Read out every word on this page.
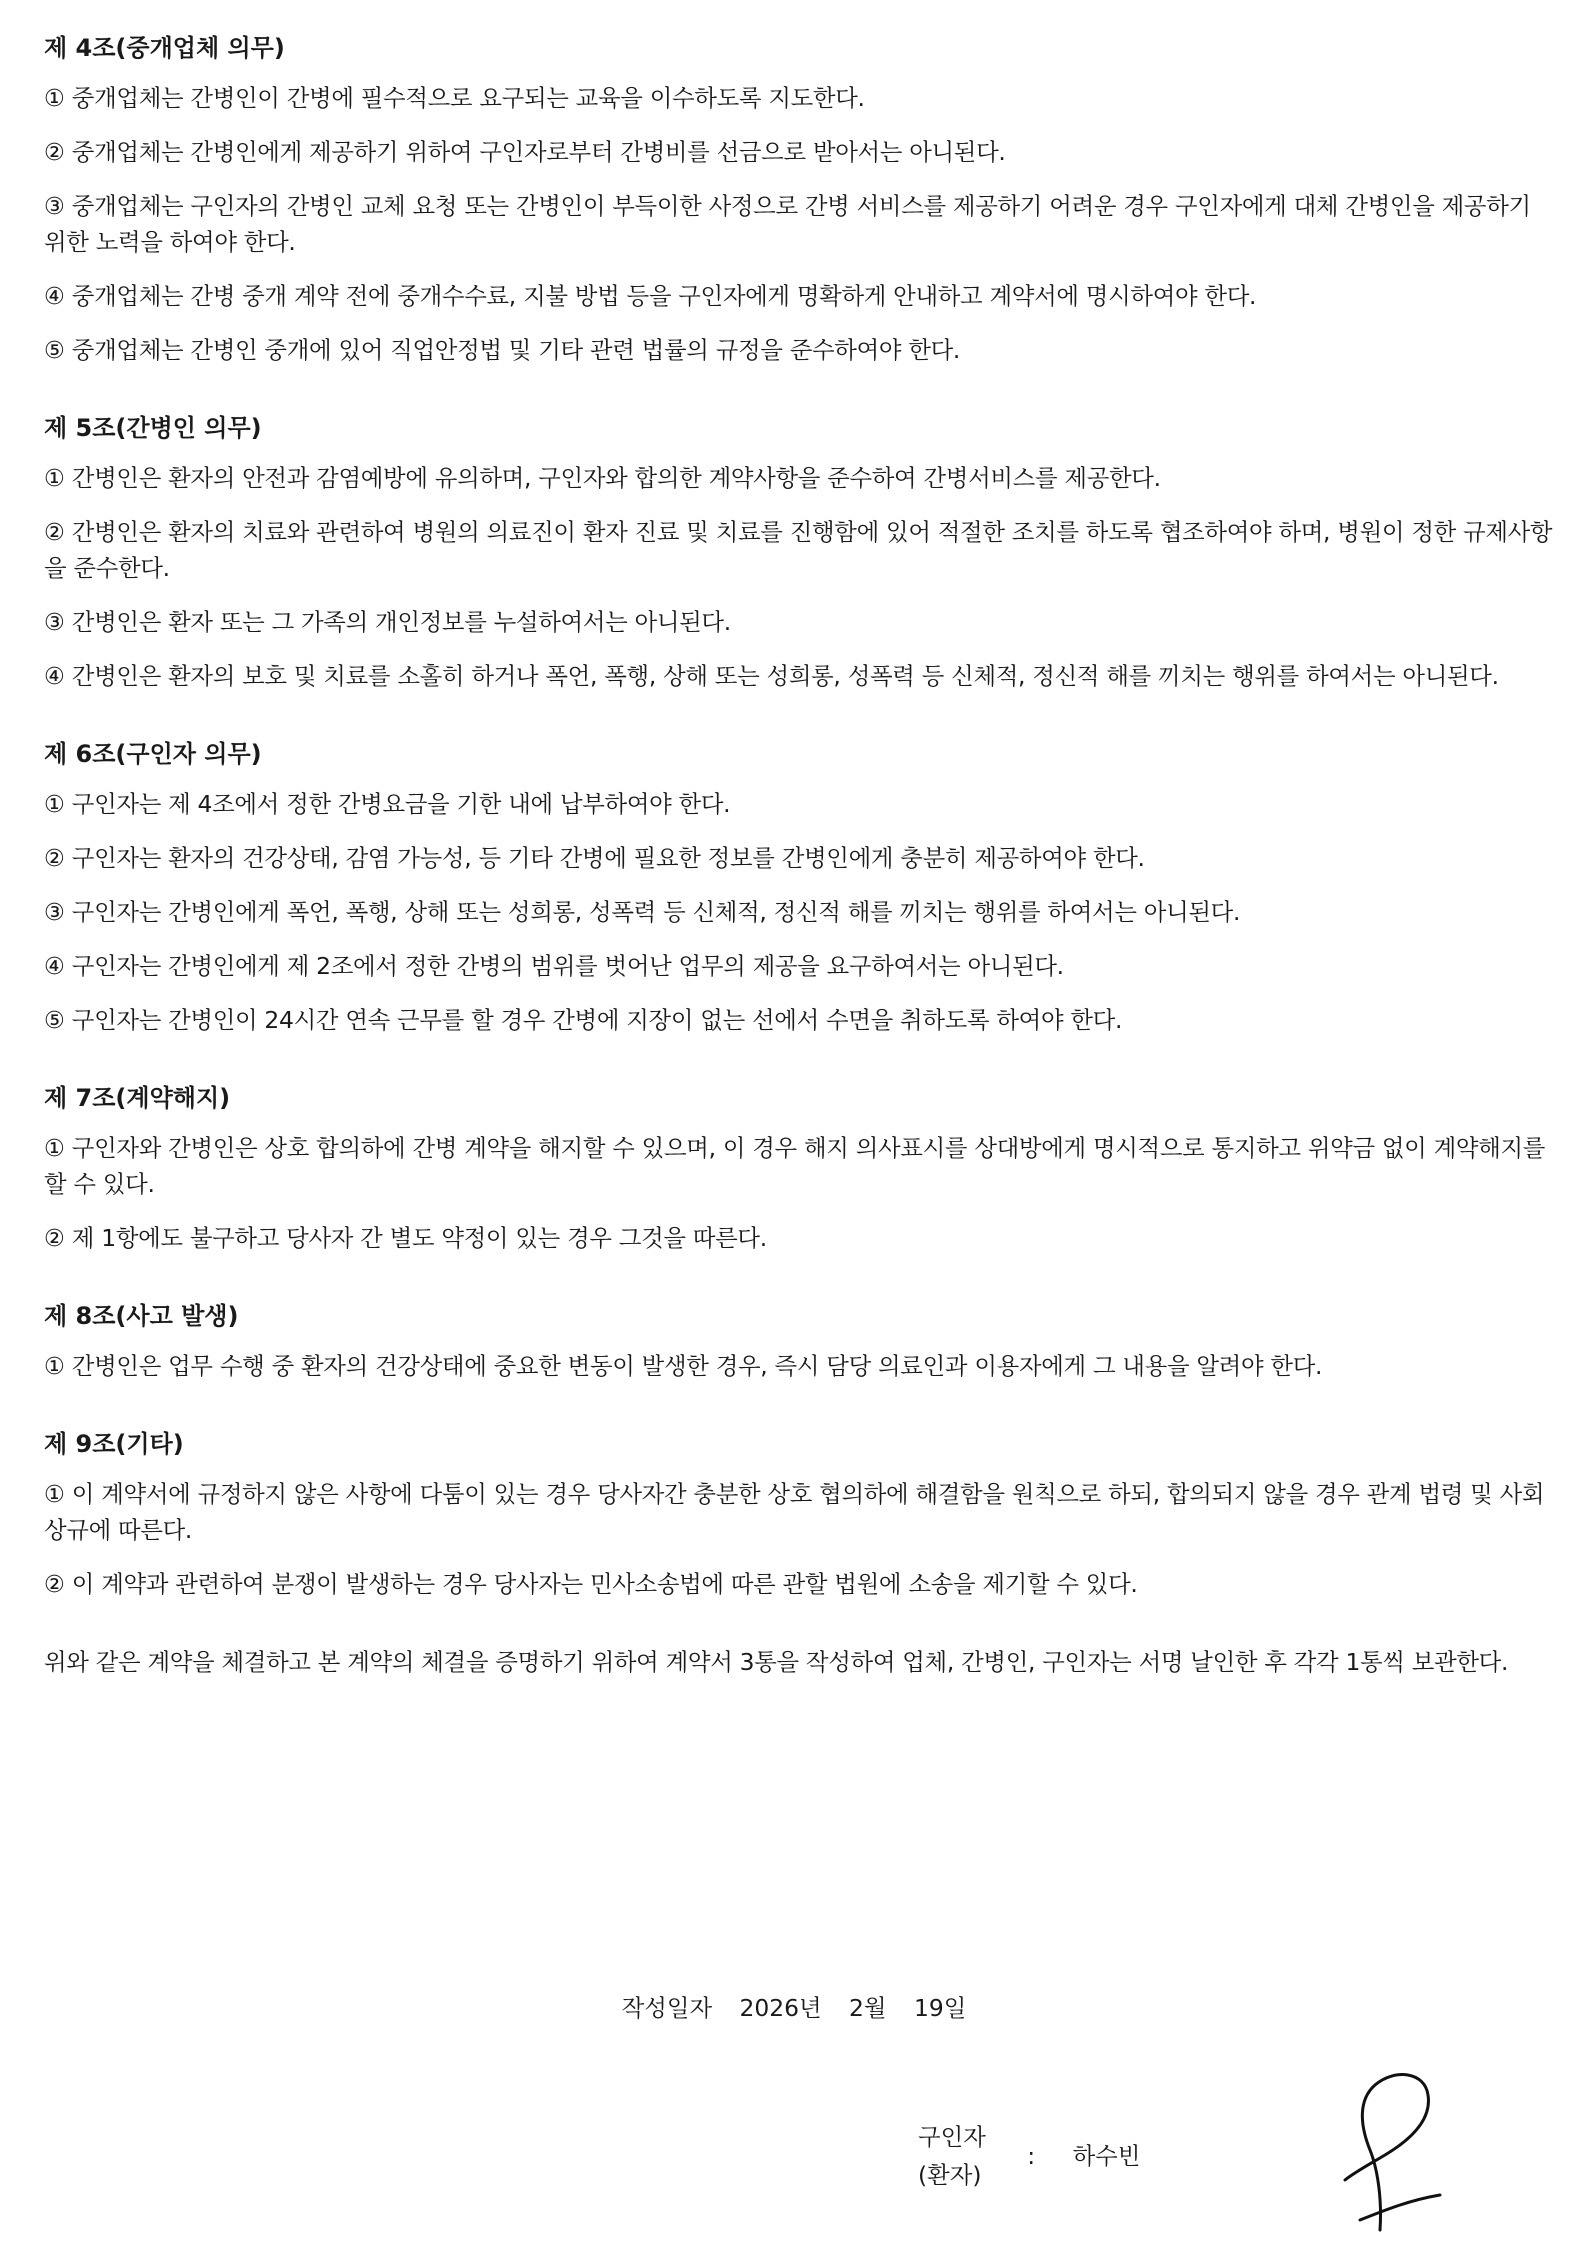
제 4조(중개업체 의무)

① 중개업체는 간병인이 간병에 필수적으로 요구되는 교육을 이수하도록 지도한다.

② 중개업체는 간병인에게 제공하기 위하여 구인자로부터 간병비를 선금으로 받아서는 아니된다.

③ 중개업체는 구인자의 간병인 교체 요청 또는 간병인이 부득이한 사정으로 간병 서비스를 제공하기 어려운 경우 구인자에게 대체 간병인을 제공하기 위한 노력을 하여야 한다.

④ 중개업체는 간병 중개 계약 전에 중개수수료, 지불 방법 등을 구인자에게 명확하게 안내하고 계약서에 명시하여야 한다.

⑤ 중개업체는 간병인 중개에 있어 직업안정법 및 기타 관련 법률의 규정을 준수하여야 한다.

제 5조(간병인 의무)

① 간병인은 환자의 안전과 감염예방에 유의하며, 구인자와 합의한 계약사항을 준수하여 간병서비스를 제공한다.

② 간병인은 환자의 치료와 관련하여 병원의 의료진이 환자 진료 및 치료를 진행함에 있어 적절한 조치를 하도록 협조하여야 하며, 병원이 정한 규제사항을 준수한다.

③ 간병인은 환자 또는 그 가족의 개인정보를 누설하여서는 아니된다.

④ 간병인은 환자의 보호 및 치료를 소홀히 하거나 폭언, 폭행, 상해 또는 성희롱, 성폭력 등 신체적, 정신적 해를 끼치는 행위를 하여서는 아니된다.

제 6조(구인자 의무)

① 구인자는 제 4조에서 정한 간병요금을 기한 내에 납부하여야 한다.

② 구인자는 환자의 건강상태, 감염 가능성, 등 기타 간병에 필요한 정보를 간병인에게 충분히 제공하여야 한다.

③ 구인자는 간병인에게 폭언, 폭행, 상해 또는 성희롱, 성폭력 등 신체적, 정신적 해를 끼치는 행위를 하여서는 아니된다.

④ 구인자는 간병인에게 제 2조에서 정한 간병의 범위를 벗어난 업무의 제공을 요구하여서는 아니된다.

⑤ 구인자는 간병인이 24시간 연속 근무를 할 경우 간병에 지장이 없는 선에서 수면을 취하도록 하여야 한다.

제 7조(계약해지)

① 구인자와 간병인은 상호 합의하에 간병 계약을 해지할 수 있으며, 이 경우 해지 의사표시를 상대방에게 명시적으로 통지하고 위약금 없이 계약해지를 할 수 있다.

② 제 1항에도 불구하고 당사자 간 별도 약정이 있는 경우 그것을 따른다.

제 8조(사고 발생)

① 간병인은 업무 수행 중 환자의 건강상태에 중요한 변동이 발생한 경우, 즉시 담당 의료인과 이용자에게 그 내용을 알려야 한다.

제 9조(기타)

① 이 계약서에 규정하지 않은 사항에 다툼이 있는 경우 당사자간 충분한 상호 협의하에 해결함을 원칙으로 하되, 합의되지 않을 경우 관계 법령 및 사회상규에 따른다.

② 이 계약과 관련하여 분쟁이 발생하는 경우 당사자는 민사소송법에 따른 관할 법원에 소송을 제기할 수 있다.

위와 같은 계약을 체결하고 본 계약의 체결을 증명하기 위하여 계약서 3통을 작성하여 업체, 간병인, 구인자는 서명 날인한 후 각각 1통씩 보관한다.

작성일자 2026년 2월 19일
구인자
(환자)
: 하수빈
